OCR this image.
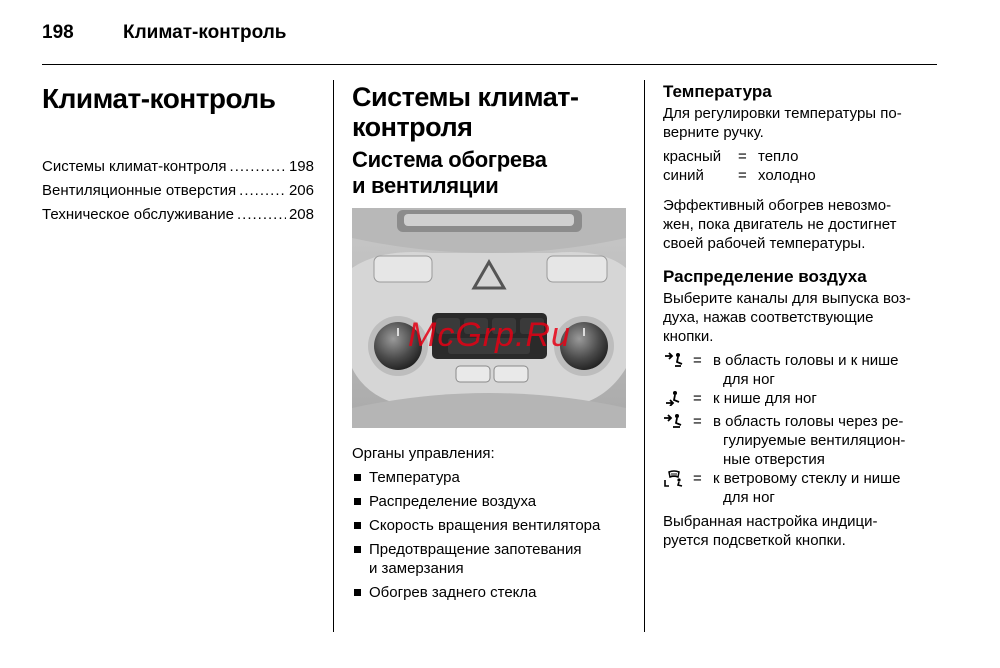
198	Климат-контроль
Климат-контроль
Системы климат-контроля .....	198
Вентиляционные отверстия .....	206
Техническое обслуживание .....	208
Системы климат-
контроля
Система обогрева
и вентиляции
McGrp.Ru
Органы управления:
Температура
Распределение воздуха
Скорость вращения вентилятора
Предотвращение запотевания
и замерзания
Обогрев заднего стекла
Температура
Для регулировки температуры по-
верните ручку.
красный	= тепло
синий	= холодно
Эффективный обогрев невозмо-
жен, пока двигатель не достигнет
своей рабочей температуры.
Распределение воздуха
Выберите каналы для выпуска воз-
духа, нажав соответствующие
кнопки.
= в область головы и к нише
для ног
= к нише для ног
= в область головы через ре-
гулируемые вентиляцион-
ные отверстия
= к ветровому стеклу и нише
для ног
Выбранная настройка индици-
руется подсветкой кнопки.
